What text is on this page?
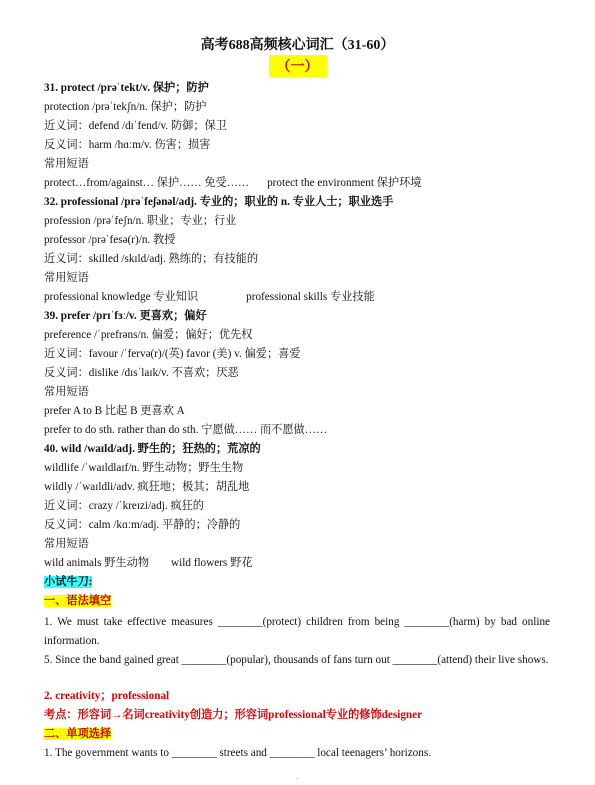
高考688高频核心词汇（31-60）
（一）
31. protect /prəˈtekt/v. 保护；防护
protection /prəˈtekʃn/n. 保护；防护
近义词：defend /dɪˈfend/v. 防御；保卫
反义词：harm /hɑːm/v. 伤害；损害
常用短语
protect…from/against… 保护…… 免受…… protect the environment 保护环境
32. professional /prəˈfeʃənəl/adj. 专业的；职业的 n. 专业人士；职业选手
profession /prəˈfeʃn/n. 职业；专业；行业
professor /prəˈfesə(r)/n. 教授
近义词：skilled /skɪld/adj. 熟练的；有技能的
常用短语
professional knowledge 专业知识	professional skills 专业技能
39. prefer /prɪˈfɜː/v. 更喜欢；偏好
preference /ˈprefrəns/n. 偏爱；偏好；优先权
近义词：favour /ˈfervə(r)/(英) favor (美) v. 偏爱；喜爱
反义词：dislike /dɪsˈlaɪk/v. 不喜欢；厌恶
常用短语
prefer A to B 比起 B 更喜欢 A
prefer to do sth. rather than do sth. 宁愿做…… 而不愿做……
40. wild /waɪld/adj. 野生的；狂热的；荒凉的
wildlife /ˈwaɪldlaɪf/n. 野生动物；野生生物
wildly /ˈwaɪldli/adv. 疯狂地；极其；胡乱地
近义词：crazy /ˈkreɪzi/adj. 疯狂的
反义词：calm /kɑːm/adj. 平静的；冷静的
常用短语
wild animals 野生动物 wild flowers 野花
小试牛刀:
一、语法填空
1. We must take effective measures ________(protect) children from being ________(harm) by bad online information.
5. Since the band gained great ________(popular), thousands of fans turn out ________(attend) their live shows.
2. creativity；professional
考点：形容词→名词creativity创造力；形容词professional专业的修饰designer
二、单项选择
1. The government wants to ________ streets and ________ local teenagers’ horizons.
·
